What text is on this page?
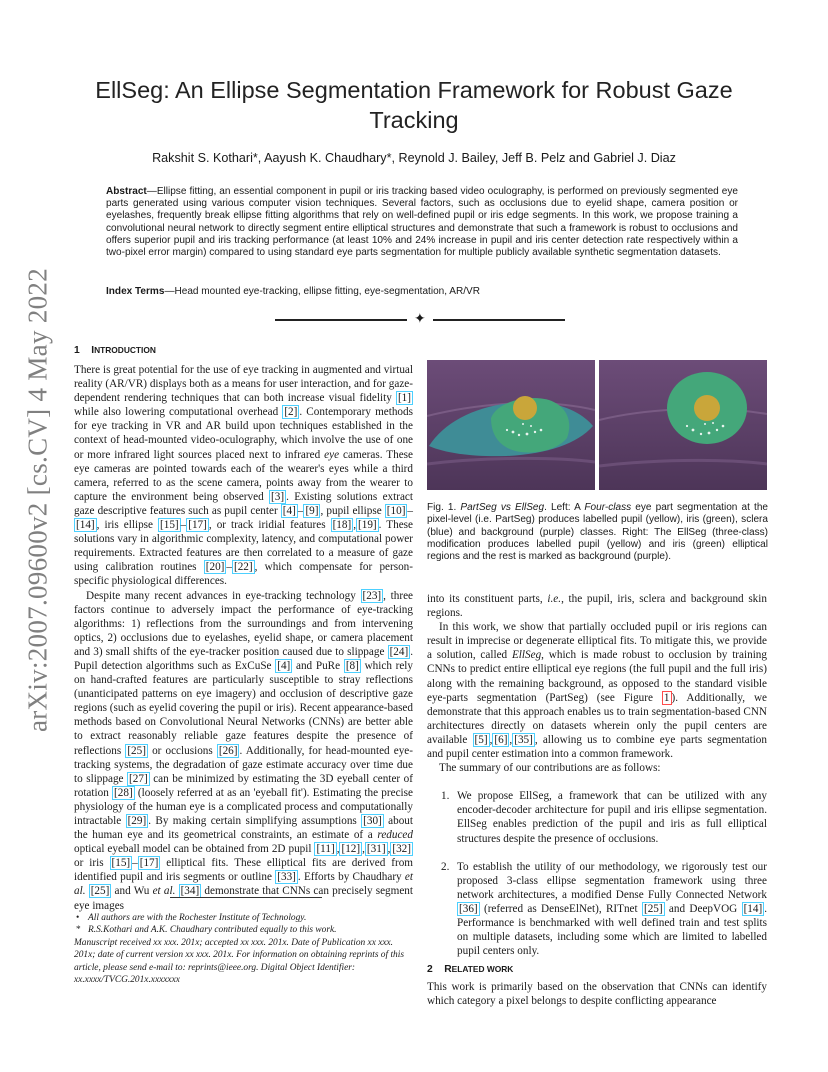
arXiv:2007.09600v2 [cs.CV] 4 May 2022
EllSeg: An Ellipse Segmentation Framework for Robust Gaze Tracking
Rakshit S. Kothari*, Aayush K. Chaudhary*, Reynold J. Bailey, Jeff B. Pelz and Gabriel J. Diaz

Abstract—Ellipse fitting, an essential component in pupil or iris tracking based video oculography, is performed on previously segmented eye parts generated using various computer vision techniques. Several factors, such as occlusions due to eyelid shape, camera position or eyelashes, frequently break ellipse fitting algorithms that rely on well-defined pupil or iris edge segments. In this work, we propose training a convolutional neural network to directly segment entire elliptical structures and demonstrate that such a framework is robust to occlusions and offers superior pupil and iris tracking performance (at least 10% and 24% increase in pupil and iris center detection rate respectively within a two-pixel error margin) compared to using standard eye parts segmentation for multiple publicly available synthetic segmentation datasets.

Index Terms—Head mounted eye-tracking, ellipse fitting, eye-segmentation, AR/VR

✦
1 INTRODUCTION

There is great potential for the use of eye tracking in augmented and virtual reality (AR/VR) displays both as a means for user interaction, and for gaze-dependent rendering techniques that can both increase visual fidelity [1] while also lowering computational overhead [2] . Contemporary methods for eye tracking in VR and AR build upon techniques established in the context of head-mounted video-oculography, which involve the use of one or more infrared light sources placed next to infrared eye cameras. These eye cameras are pointed towards each of the wearer's eyes while a third camera, referred to as the scene camera, points away from the wearer to capture the environment being observed [3] . Existing solutions extract gaze descriptive features such as pupil center [4] – [9] , pupil ellipse [10] –[14] , iris ellipse [15] – [17] , or track iridial features [18] , [19] . These solutions vary in algorithmic complexity, latency, and computational power requirements. Extracted features are then correlated to a measure of gaze using calibration routines [20] – [22] , which compensate for person-specific physiological differences.

Despite many recent advances in eye-tracking technology [23] , three factors continue to adversely impact the performance of eye-tracking algorithms: 1) reflections from the surroundings and from intervening optics, 2) occlusions due to eyelashes, eyelid shape, or camera placement and 3) small shifts of the eye-tracker position caused due to slippage [24] . Pupil detection algorithms such as ExCuSe [4] and PuRe [8] which rely on hand-crafted features are particularly susceptible to stray reflections (unanticipated patterns on eye imagery) and occlusion of descriptive gaze regions (such as eyelid covering the pupil or iris). Recent appearance-based methods based on Convolutional Neural Networks (CNNs) are better able to extract reasonably reliable gaze features despite the presence of reflections [25] or occlusions [26] . Additionally, for head-mounted eye-tracking systems, the degradation of gaze estimate accuracy over time due to slippage [27] can be minimized by estimating the 3D eyeball center of rotation [28] (loosely referred at as an 'eyeball fit'). Estimating the precise physiology of the human eye is a complicated process and computationally intractable [29] . By making certain simplifying assumptions [30] about the human eye and its geometrical constraints, an estimate of a reduced optical eyeball model can be obtained from 2D pupil [11] , [12] , [31] , [32] or iris [15] – [17] elliptical fits. These elliptical fits are derived from identified pupil and iris segments or outline [33] . Efforts by Chaudhary et al. [25] and Wu et al. [34] demonstrate that CNNs can precisely segment eye images

• All authors are with the Rochester Institute of Technology.

* R.S.Kothari and A.K. Chaudhary contributed equally to this work.

Manuscript received xx xxx. 201x; accepted xx xxx. 201x. Date of Publication xx xxx. 201x; date of current version xx xxx. 201x. For information on obtaining reprints of this article, please send e-mail to: reprints@ieee.org. Digital Object Identifier: xx.xxxx/TVCG.201x.xxxxxxx

Fig. 1. PartSeg vs EllSeg. Left: A Four-class eye part segmentation at the pixel-level (i.e. PartSeg) produces labelled pupil (yellow), iris (green), sclera (blue) and background (purple) classes. Right: The EllSeg (three-class) modification produces labelled pupil (yellow) and iris (green) elliptical regions and the rest is marked as background (purple).

into its constituent parts, i.e., the pupil, iris, sclera and background skin regions.

In this work, we show that partially occluded pupil or iris regions can result in imprecise or degenerate elliptical fits. To mitigate this, we provide a solution, called EllSeg, which is made robust to occlusion by training CNNs to predict entire elliptical eye regions (the full pupil and the full iris) along with the remaining background, as opposed to the standard visible eye-parts segmentation (PartSeg) (see Figure 1 ). Additionally, we demonstrate that this approach enables us to train segmentation-based CNN architectures directly on datasets wherein only the pupil centers are available [5] , [6] , [35] , allowing us to combine eye parts segmentation and pupil center estimation into a common framework.

The summary of our contributions are as follows:

1. We propose EllSeg, a framework that can be utilized with any encoder-decoder architecture for pupil and iris ellipse segmentation. EllSeg enables prediction of the pupil and iris as full elliptical structures despite the presence of occlusions.
2. To establish the utility of our methodology, we rigorously test our proposed 3-class ellipse segmentation framework using three network architectures, a modified Dense Fully Connected Network [36] (referred as DenseElNet), RITnet [25] and DeepVOG [14] . Performance is benchmarked with well defined train and test splits on multiple datasets, including some which are limited to labelled pupil centers only.
2 RELATED WORK

This work is primarily based on the observation that CNNs can identify which category a pixel belongs to despite conflicting appearance
